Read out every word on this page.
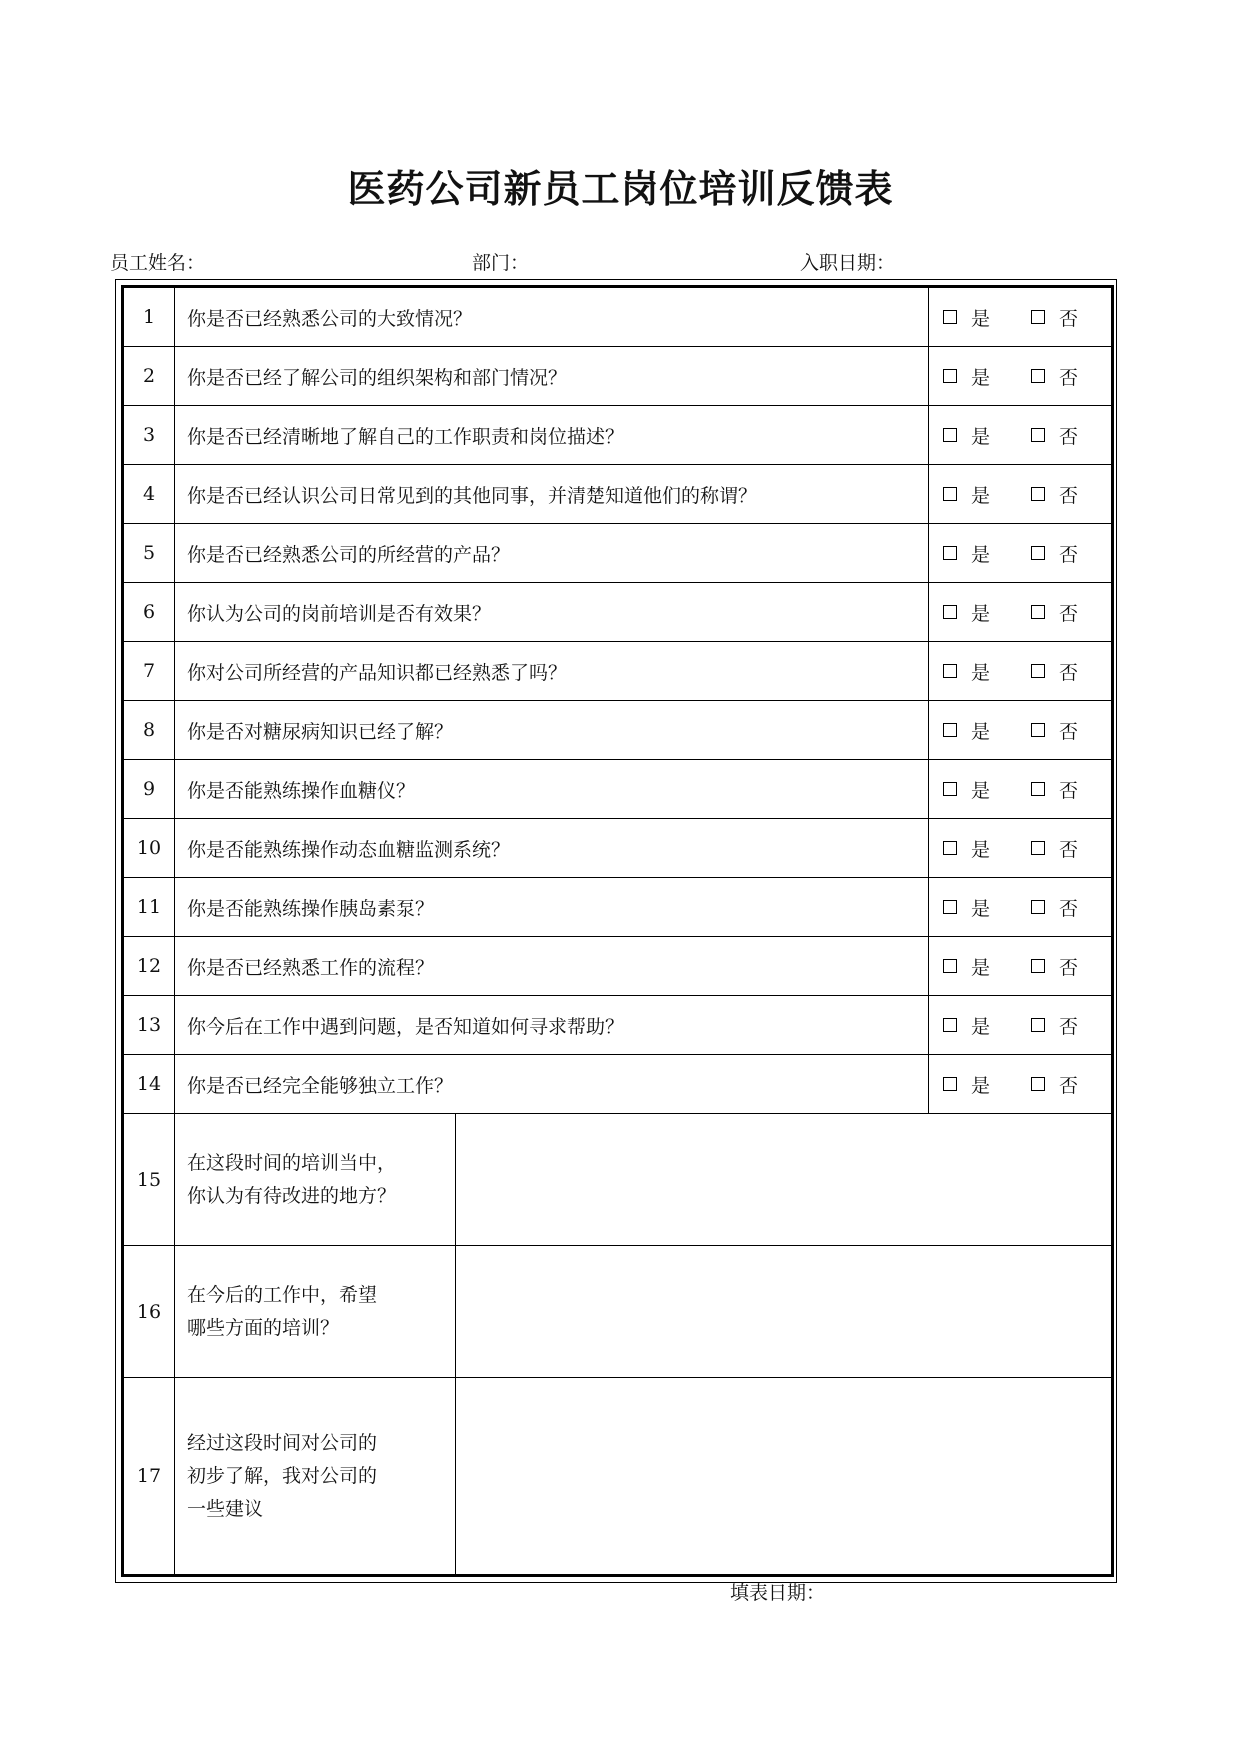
医药公司新员工岗位培训反馈表
员工姓名：	部门：	入职日期：
1	你是否已经熟悉公司的大致情况？		是 否

2	你是否已经了解公司的组织架构和部门情况？		是 否

3	你是否已经清晰地了解自己的工作职责和岗位描述？		是 否

4	你是否已经认识公司日常见到的其他同事，并清楚知道他们的称谓？		是 否

5	你是否已经熟悉公司的所经营的产品？		是 否

6	你认为公司的岗前培训是否有效果？		是 否

7	你对公司所经营的产品知识都已经熟悉了吗？		是 否

8	你是否对糖尿病知识已经了解？		是 否

9	你是否能熟练操作血糖仪？		是 否

10	你是否能熟练操作动态血糖监测系统？		是 否

11	你是否能熟练操作胰岛素泵？		是 否

12	你是否已经熟悉工作的流程？		是 否

13	你今后在工作中遇到问题，是否知道如何寻求帮助？		是 否

14	你是否已经完全能够独立工作？		是 否

15	在这段时间的培训当中，
你认为有待改进的地方？		

16	在今后的工作中，希望
哪些方面的培训？		

17	经过这段时间对公司的
初步了解，我对公司的
一些建议		

填表日期：
